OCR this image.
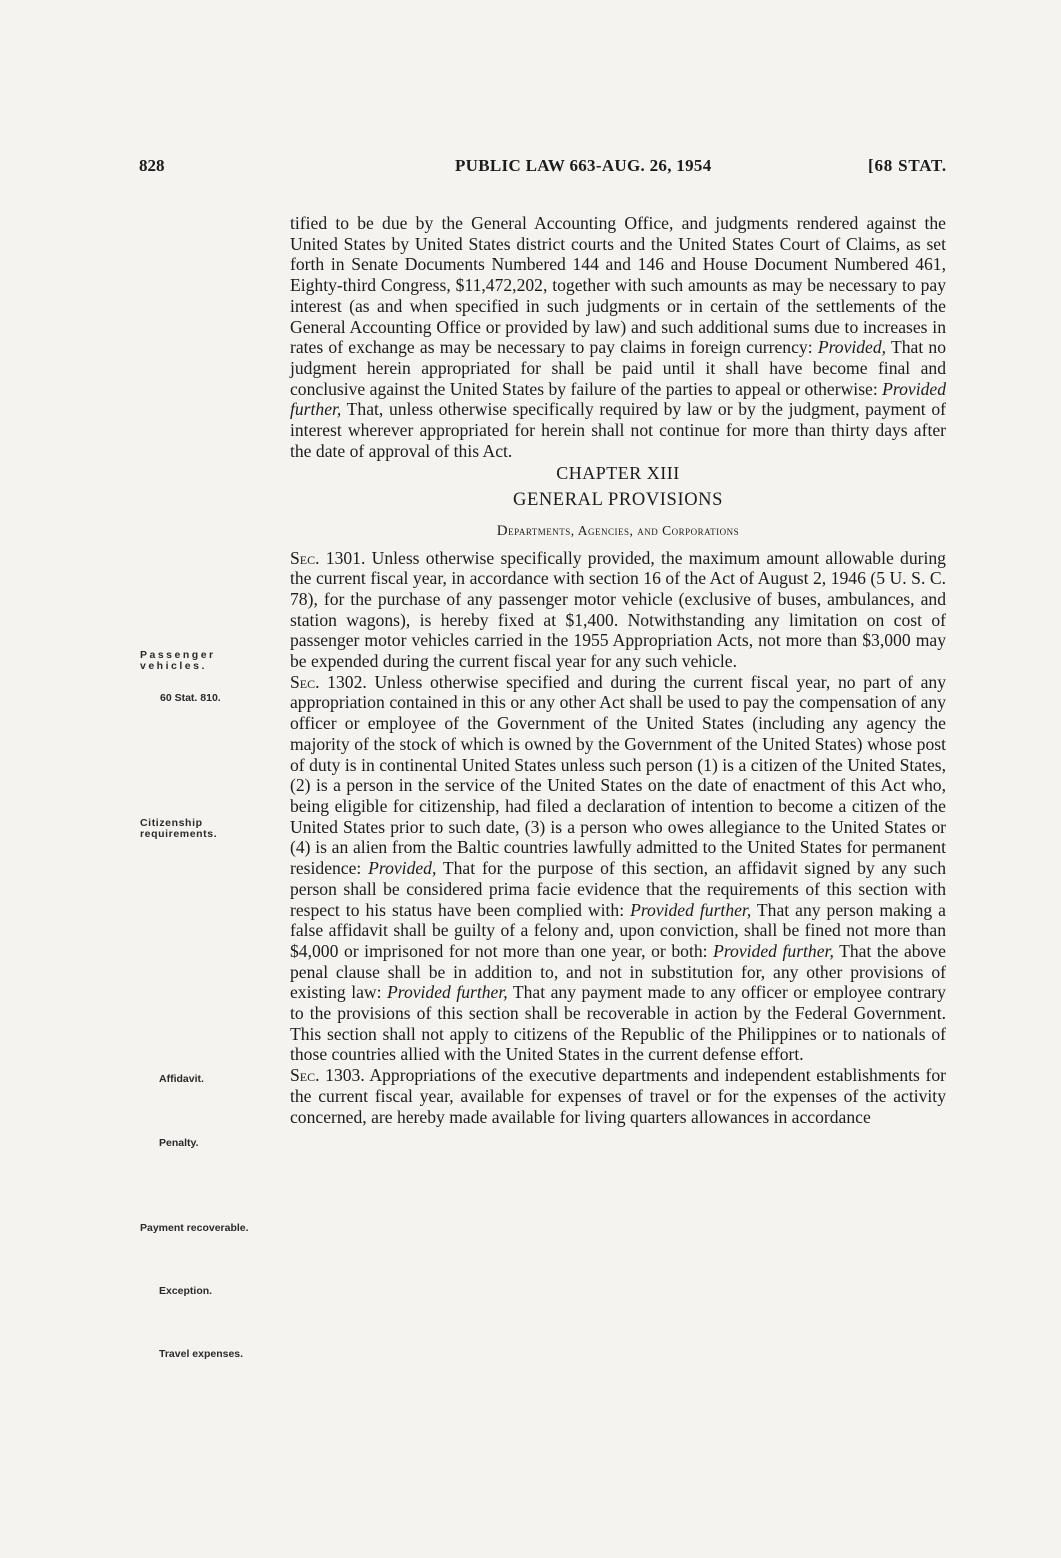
828	PUBLIC LAW 663-AUG. 26, 1954	[68 STAT.
Passenger vehicles.
60 Stat. 810.
Citizenship requirements.
Affidavit.
Penalty.
Payment recoverable.
Exception.
Travel expenses.

tified to be due by the General Accounting Office, and judgments rendered against the United States by United States district courts and the United States Court of Claims, as set forth in Senate Documents Numbered 144 and 146 and House Document Numbered 461, Eighty-third Congress, $11,472,202, together with such amounts as may be necessary to pay interest (as and when specified in such judgments or in certain of the settlements of the General Accounting Office or provided by law) and such additional sums due to increases in rates of exchange as may be necessary to pay claims in foreign currency: Provided, That no judgment herein appropriated for shall be paid until it shall have become final and conclusive against the United States by failure of the parties to appeal or otherwise: Provided further, That, unless otherwise specifically required by law or by the judgment, payment of interest wherever appropriated for herein shall not continue for more than thirty days after the date of approval of this Act.

CHAPTER XIII
GENERAL PROVISIONS
Departments, Agencies, and Corporations

Sec. 1301. Unless otherwise specifically provided, the maximum amount allowable during the current fiscal year, in accordance with section 16 of the Act of August 2, 1946 (5 U. S. C. 78), for the purchase of any passenger motor vehicle (exclusive of buses, ambulances, and station wagons), is hereby fixed at $1,400. Notwithstanding any limitation on cost of passenger motor vehicles carried in the 1955 Appropriation Acts, not more than $3,000 may be expended during the current fiscal year for any such vehicle.

Sec. 1302. Unless otherwise specified and during the current fiscal year, no part of any appropriation contained in this or any other Act shall be used to pay the compensation of any officer or employee of the Government of the United States (including any agency the majority of the stock of which is owned by the Government of the United States) whose post of duty is in continental United States unless such person (1) is a citizen of the United States, (2) is a person in the service of the United States on the date of enactment of this Act who, being eligible for citizenship, had filed a declaration of intention to become a citizen of the United States prior to such date, (3) is a person who owes allegiance to the United States or (4) is an alien from the Baltic countries lawfully admitted to the United States for permanent residence: Provided, That for the purpose of this section, an affidavit signed by any such person shall be considered prima facie evidence that the requirements of this section with respect to his status have been complied with: Provided further, That any person making a false affidavit shall be guilty of a felony and, upon conviction, shall be fined not more than $4,000 or imprisoned for not more than one year, or both: Provided further, That the above penal clause shall be in addition to, and not in substitution for, any other provisions of existing law: Provided further, That any payment made to any officer or employee contrary to the provisions of this section shall be recoverable in action by the Federal Government. This section shall not apply to citizens of the Republic of the Philippines or to nationals of those countries allied with the United States in the current defense effort.

Sec. 1303. Appropriations of the executive departments and independent establishments for the current fiscal year, available for expenses of travel or for the expenses of the activity concerned, are hereby made available for living quarters allowances in accordance
